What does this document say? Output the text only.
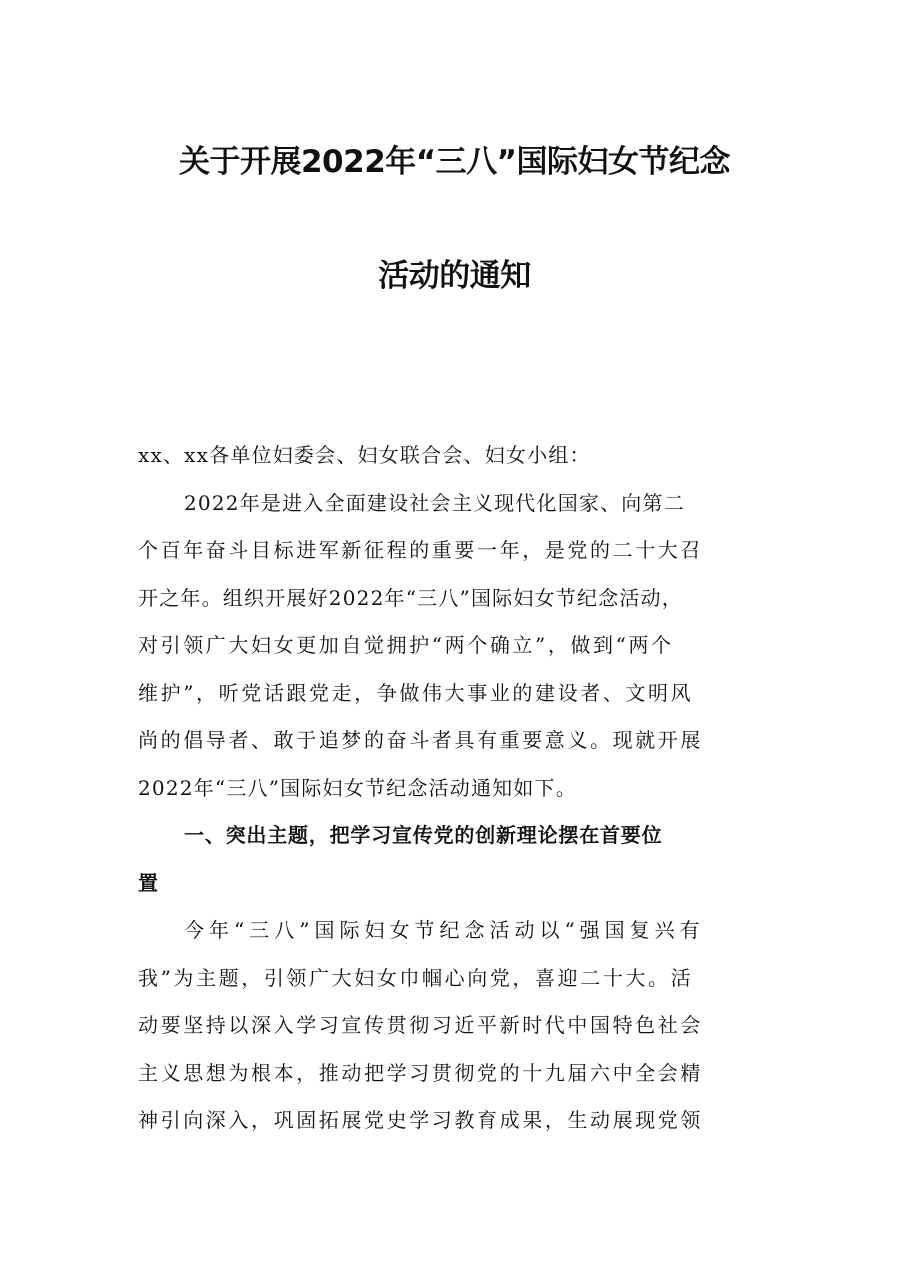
关于开展2022年“三八”国际妇女节纪念
活动的通知
xx、xx各单位妇委会、妇女联合会、妇女小组：
2022年是进入全面建设社会主义现代化国家、向第二
个百年奋斗目标进军新征程的重要一年，是党的二十大召
开之年。组织开展好2022年“三八”国际妇女节纪念活动，
对引领广大妇女更加自觉拥护“两个确立”，做到“两个
维护”，听党话跟党走，争做伟大事业的建设者、文明风
尚的倡导者、敢于追梦的奋斗者具有重要意义。现就开展
2022年“三八”国际妇女节纪念活动通知如下。
一、突出主题，把学习宣传党的创新理论摆在首要位
置
今年“三八”国际妇女节纪念活动以“强国复兴有
我”为主题，引领广大妇女巾帼心向党，喜迎二十大。活
动要坚持以深入学习宣传贯彻习近平新时代中国特色社会
主义思想为根本，推动把学习贯彻党的十九届六中全会精
神引向深入，巩固拓展党史学习教育成果，生动展现党领
